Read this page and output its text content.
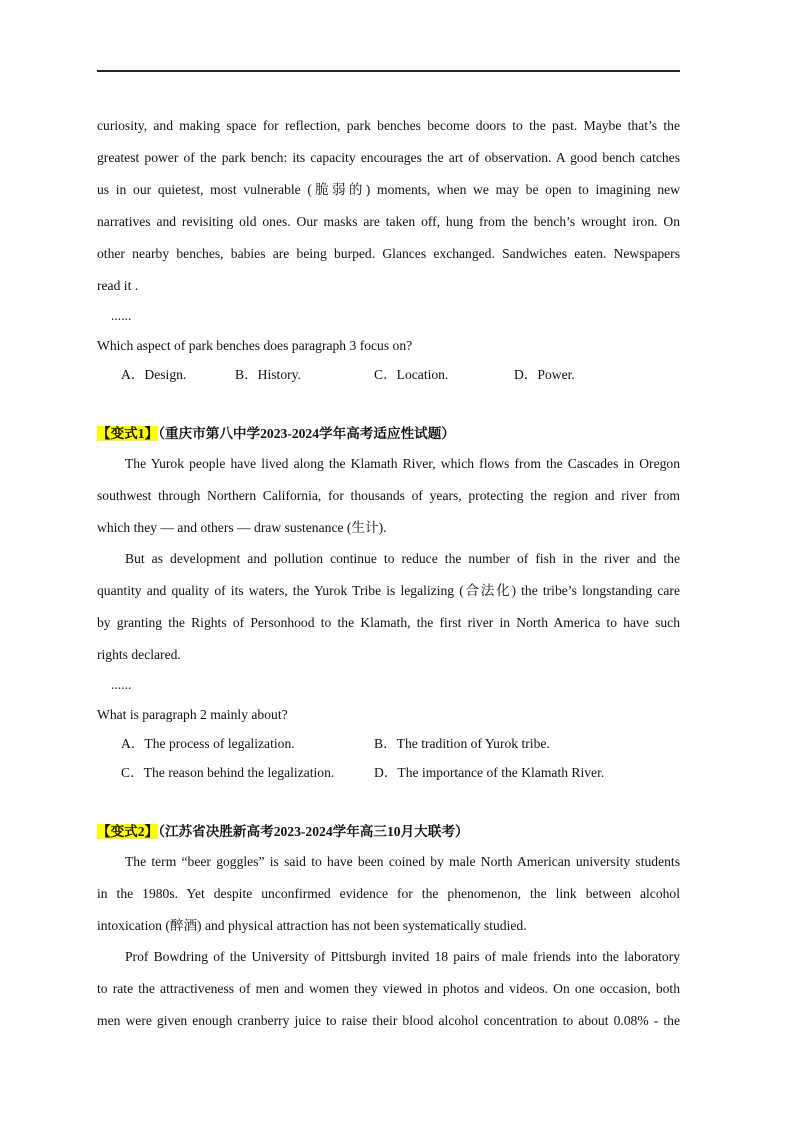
curiosity, and making space for reflection, park benches become doors to the past. Maybe that’s the
greatest power of the park bench: its capacity encourages the art of observation. A good bench catches
us in our quietest, most vulnerable (脆弱的) moments, when we may be open to imagining new
narratives and revisiting old ones. Our masks are taken off, hung from the bench’s wrought iron. On
other nearby benches, babies are being burped. Glances exchanged. Sandwiches eaten. Newspapers
read it .
......
Which aspect of park benches does paragraph 3 focus on?
A．Design.	B．History.	C．Location.	D．Power.
【变式1】（重庆市第八中学2023-2024学年高考适应性试题）
The Yurok people have lived along the Klamath River, which flows from the Cascades in Oregon
southwest through Northern California, for thousands of years, protecting the region and river from
which they — and others — draw sustenance (生计).
But as development and pollution continue to reduce the number of fish in the river and the
quantity and quality of its waters, the Yurok Tribe is legalizing (合法化) the tribe’s longstanding care
by granting the Rights of Personhood to the Klamath, the first river in North America to have such
rights declared.
......
What is paragraph 2 mainly about?
A．The process of legalization.	B．The tradition of Yurok tribe.
C．The reason behind the legalization.	D．The importance of the Klamath River.
【变式2】（江苏省决胜新高考2023-2024学年高三10月大联考）
The term “beer goggles” is said to have been coined by male North American university students
in the 1980s. Yet despite unconfirmed evidence for the phenomenon, the link between alcohol
intoxication (醉酒) and physical attraction has not been systematically studied.
Prof Bowdring of the University of Pittsburgh invited 18 pairs of male friends into the laboratory
to rate the attractiveness of men and women they viewed in photos and videos. On one occasion, both
men were given enough cranberry juice to raise their blood alcohol concentration to about 0.08% - the
